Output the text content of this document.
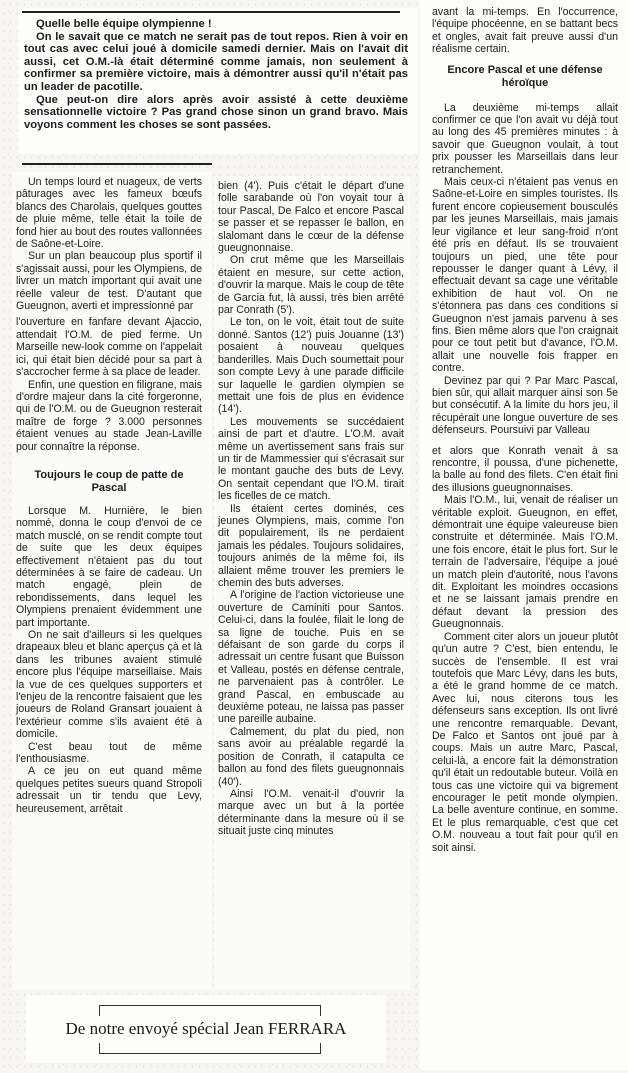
Quelle belle équipe olympienne !

On le savait que ce match ne serait pas de tout repos. Rien à voir en tout cas avec celui joué à domicile samedi dernier. Mais on l'avait dit aussi, cet O.M.-là était déterminé comme jamais, non seulement à confirmer sa première victoire, mais à démontrer aussi qu'il n'était pas un leader de pacotille.

Que peut-on dire alors après avoir assisté à cette deuxième sensationnelle victoire ? Pas grand chose sinon un grand bravo. Mais voyons comment les choses se sont passées.

Un temps lourd et nuageux, de verts pâturages avec les fameux bœufs blancs des Charolais, quelques gouttes de pluie même, telle était la toile de fond hier au bout des routes vallonnées de Saône-et-Loire.

Sur un plan beaucoup plus sportif il s'agissait aussi, pour les Olympiens, de livrer un match important qui avait une réelle valeur de test. D'autant que Gueugnon, averti et impressionné par

l'ouverture en fanfare devant Ajaccio, attendait l'O.M. de pied ferme. Un Marseille new-look comme on l'appelait ici, qui était bien décidé pour sa part à s'accrocher ferme à sa place de leader.

Enfin, une question en filigrane, mais d'ordre majeur dans la cité forgeronne, qui de l'O.M. ou de Gueugnon resterait maître de forge ? 3.000 personnes étaient venues au stade Jean-Laville pour connaître la réponse.

Toujours le coup de patte de Pascal

Lorsque M. Hurnière, le bien nommé, donna le coup d'envoi de ce match musclé, on se rendit compte tout de suite que les deux équipes effectivement n'étaient pas du tout déterminées à se faire de cadeau. Un match engagé, plein de rebondissements, dans lequel les Olympiens prenaient évidemment une part importante.

On ne sait d'ailleurs si les quelques drapeaux bleu et blanc aperçus çà et là dans les tribunes avaient stimulé encore plus l'équipe marseillaise. Mais la vue de ces quelques supporters et l'enjeu de la rencontre faisaient que les joueurs de Roland Gransart jouaient à l'extérieur comme s'ils avaient été à domicile.

C'est beau tout de même l'enthousiasme.

A ce jeu on eut quand même quelques petites sueurs quand Stropoli adressait un tir tendu que Levy, heureusement, arrêtait

bien (4'). Puis c'était le départ d'une folle sarabande où l'on voyait tour à tour Pascal, De Falco et encore Pascal se passer et se repasser le ballon, en slalomant dans le cœur de la défense gueugnonnaise.

On crut même que les Marseillais étaient en mesure, sur cette action, d'ouvrir la marque. Mais le coup de tête de Garcia fut, là aussi, très bien arrêté par Conrath (5').

Le ton, on le voit, était tout de suite donné. Santos (12') puis Jouanne (13') posaient à nouveau quelques banderilles. Mais Duch soumettait pour son compte Levy à une parade difficile sur laquelle le gardien olympien se mettait une fois de plus en évidence (14').

Les mouvements se succédaient ainsi de part et d'autre. L'O.M. avait même un avertissement sans frais sur un tir de Mammessier qui s'écrasait sur le montant gauche des buts de Levy. On sentait cependant que l'O.M. tirait les ficelles de ce match.

Ils étaient certes dominés, ces jeunes Olympiens, mais, comme l'on dit populairement, ils ne perdaient jamais les pédales. Toujours solidaires, toujours animés de la même foi, ils allaient même trouver les premiers le chemin des buts adverses.

A l'origine de l'action victorieuse une ouverture de Caminiti pour Santos. Celui-ci, dans la foulée, filait le long de sa ligne de touche. Puis en se défaisant de son garde du corps il adressait un centre fusant que Buisson et Valleau, postés en défense centrale, ne parvenaient pas à contrôler. Le grand Pascal, en embuscade au deuxième poteau, ne laissa pas passer une pareille aubaine.

Calmement, du plat du pied, non sans avoir au préalable regardé la position de Conrath, il catapulta ce ballon au fond des filets gueugnonnais (40').

Ainsi l'O.M. venait-il d'ouvrir la marque avec un but à la portée déterminante dans la mesure où il se situait juste cinq minutes

avant la mi-temps. En l'occurrence, l'équipe phocéenne, en se battant becs et ongles, avait fait preuve aussi d'un réalisme certain.

Encore Pascal et une défense héroïque

La deuxième mi-temps allait confirmer ce que l'on avait vu déjà tout au long des 45 premières minutes : à savoir que Gueugnon voulait, à tout prix pousser les Marseillais dans leur retranchement.

Mais ceux-ci n'étaient pas venus en Saône-et-Loire en simples touristes. Ils furent encore copieusement bousculés par les jeunes Marseillais, mais jamais leur vigilance et leur sang-froid n'ont été pris en défaut. Ils se trouvaient toujours un pied, une tête pour repousser le danger quant à Lévy, il effectuait devant sa cage une véritable exhibition de haut vol. On ne s'étonnera pas dans ces conditions si Gueugnon n'est jamais parvenu à ses fins. Bien même alors que l'on craignait pour ce tout petit but d'avance, l'O.M. allait une nouvelle fois frapper en contre.

Devinez par qui ? Par Marc Pascal, bien sûr, qui allait marquer ainsi son 5e but consécutif. A la limite du hors jeu, il récupérait une longue ouverture de ses défenseurs. Poursuivi par Valleau

et alors que Konrath venait à sa rencontre, il poussa, d'une pichenette, la balle au fond des filets. C'en était fini des illusions gueugnonnaises.

Mais l'O.M., lui, venait de réaliser un véritable exploit. Gueugnon, en effet, démontrait une équipe valeureuse bien construite et déterminée. Mais l'O.M. une fois encore, était le plus fort. Sur le terrain de l'adversaire, l'équipe a joué un match plein d'autorité, nous l'avons dit. Exploitant les moindres occasions et ne se laissant jamais prendre en défaut devant la pression des Gueugnonnais.

Comment citer alors un joueur plutôt qu'un autre ? C'est, bien entendu, le succès de l'ensemble. Il est vrai toutefois que Marc Lévy, dans les buts, a été le grand homme de ce match. Avec lui, nous citerons tous les défenseurs sans exception. Ils ont livré une rencontre remarquable. Devant, De Falco et Santos ont joué par à coups. Mais un autre Marc, Pascal, celui-là, a encore fait la démonstration qu'il était un redoutable buteur. Voilà en tous cas une victoire qui va bigrement encourager le petit monde olympien. La belle aventure continue, en somme. Et le plus remarquable, c'est que cet O.M. nouveau a tout fait pour qu'il en soit ainsi.

De notre envoyé spécial Jean FERRARA
